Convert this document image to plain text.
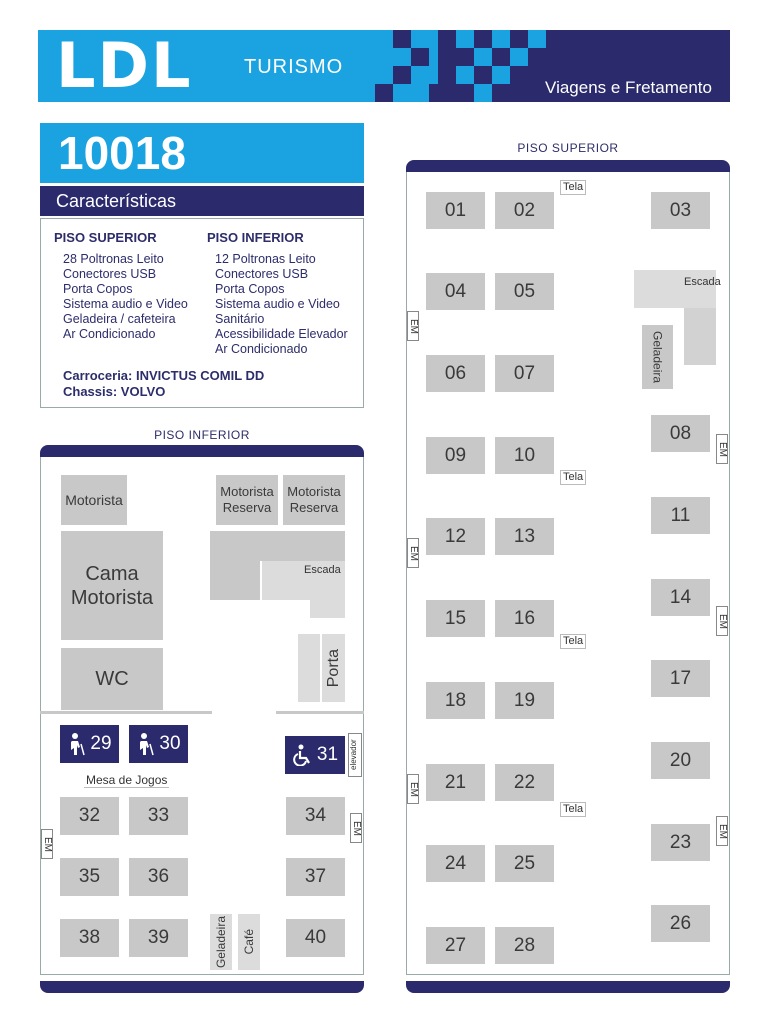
LDL	TURISMO
Viagens e Fretamento
10018
Características
PISO SUPERIOR
28 Poltronas Leito
Conectores USB
Porta Copos
Sistema audio e Video
Geladeira / cafeteira
Ar Condicionado
PISO INFERIOR
12 Poltronas Leito
Conectores USB
Porta Copos
Sistema audio e Video
Sanitário
Acessibilidade Elevador
Ar Condicionado
Carroceria: INVICTUS COMIL DD
Chassis: VOLVO
PISO INFERIOR
Motorista
Motorista Reserva
Motorista Reserva
Cama Motorista
WC
Escada
Porta
29	30
31 elevador
Mesa de Jogos
32	33	34
35	36	37
38	39	40
Geladeira Café
EM
EM
PISO SUPERIOR
Escada
Geladeira
Tela
Tela
Tela
Tela
EM
EM
EM
EM
EM
EM
01	02	03
04	05
06	07
08
09	10
11
12	13
14
15	16
17
18	19
20
21	22
23
24	25
26
27	28
